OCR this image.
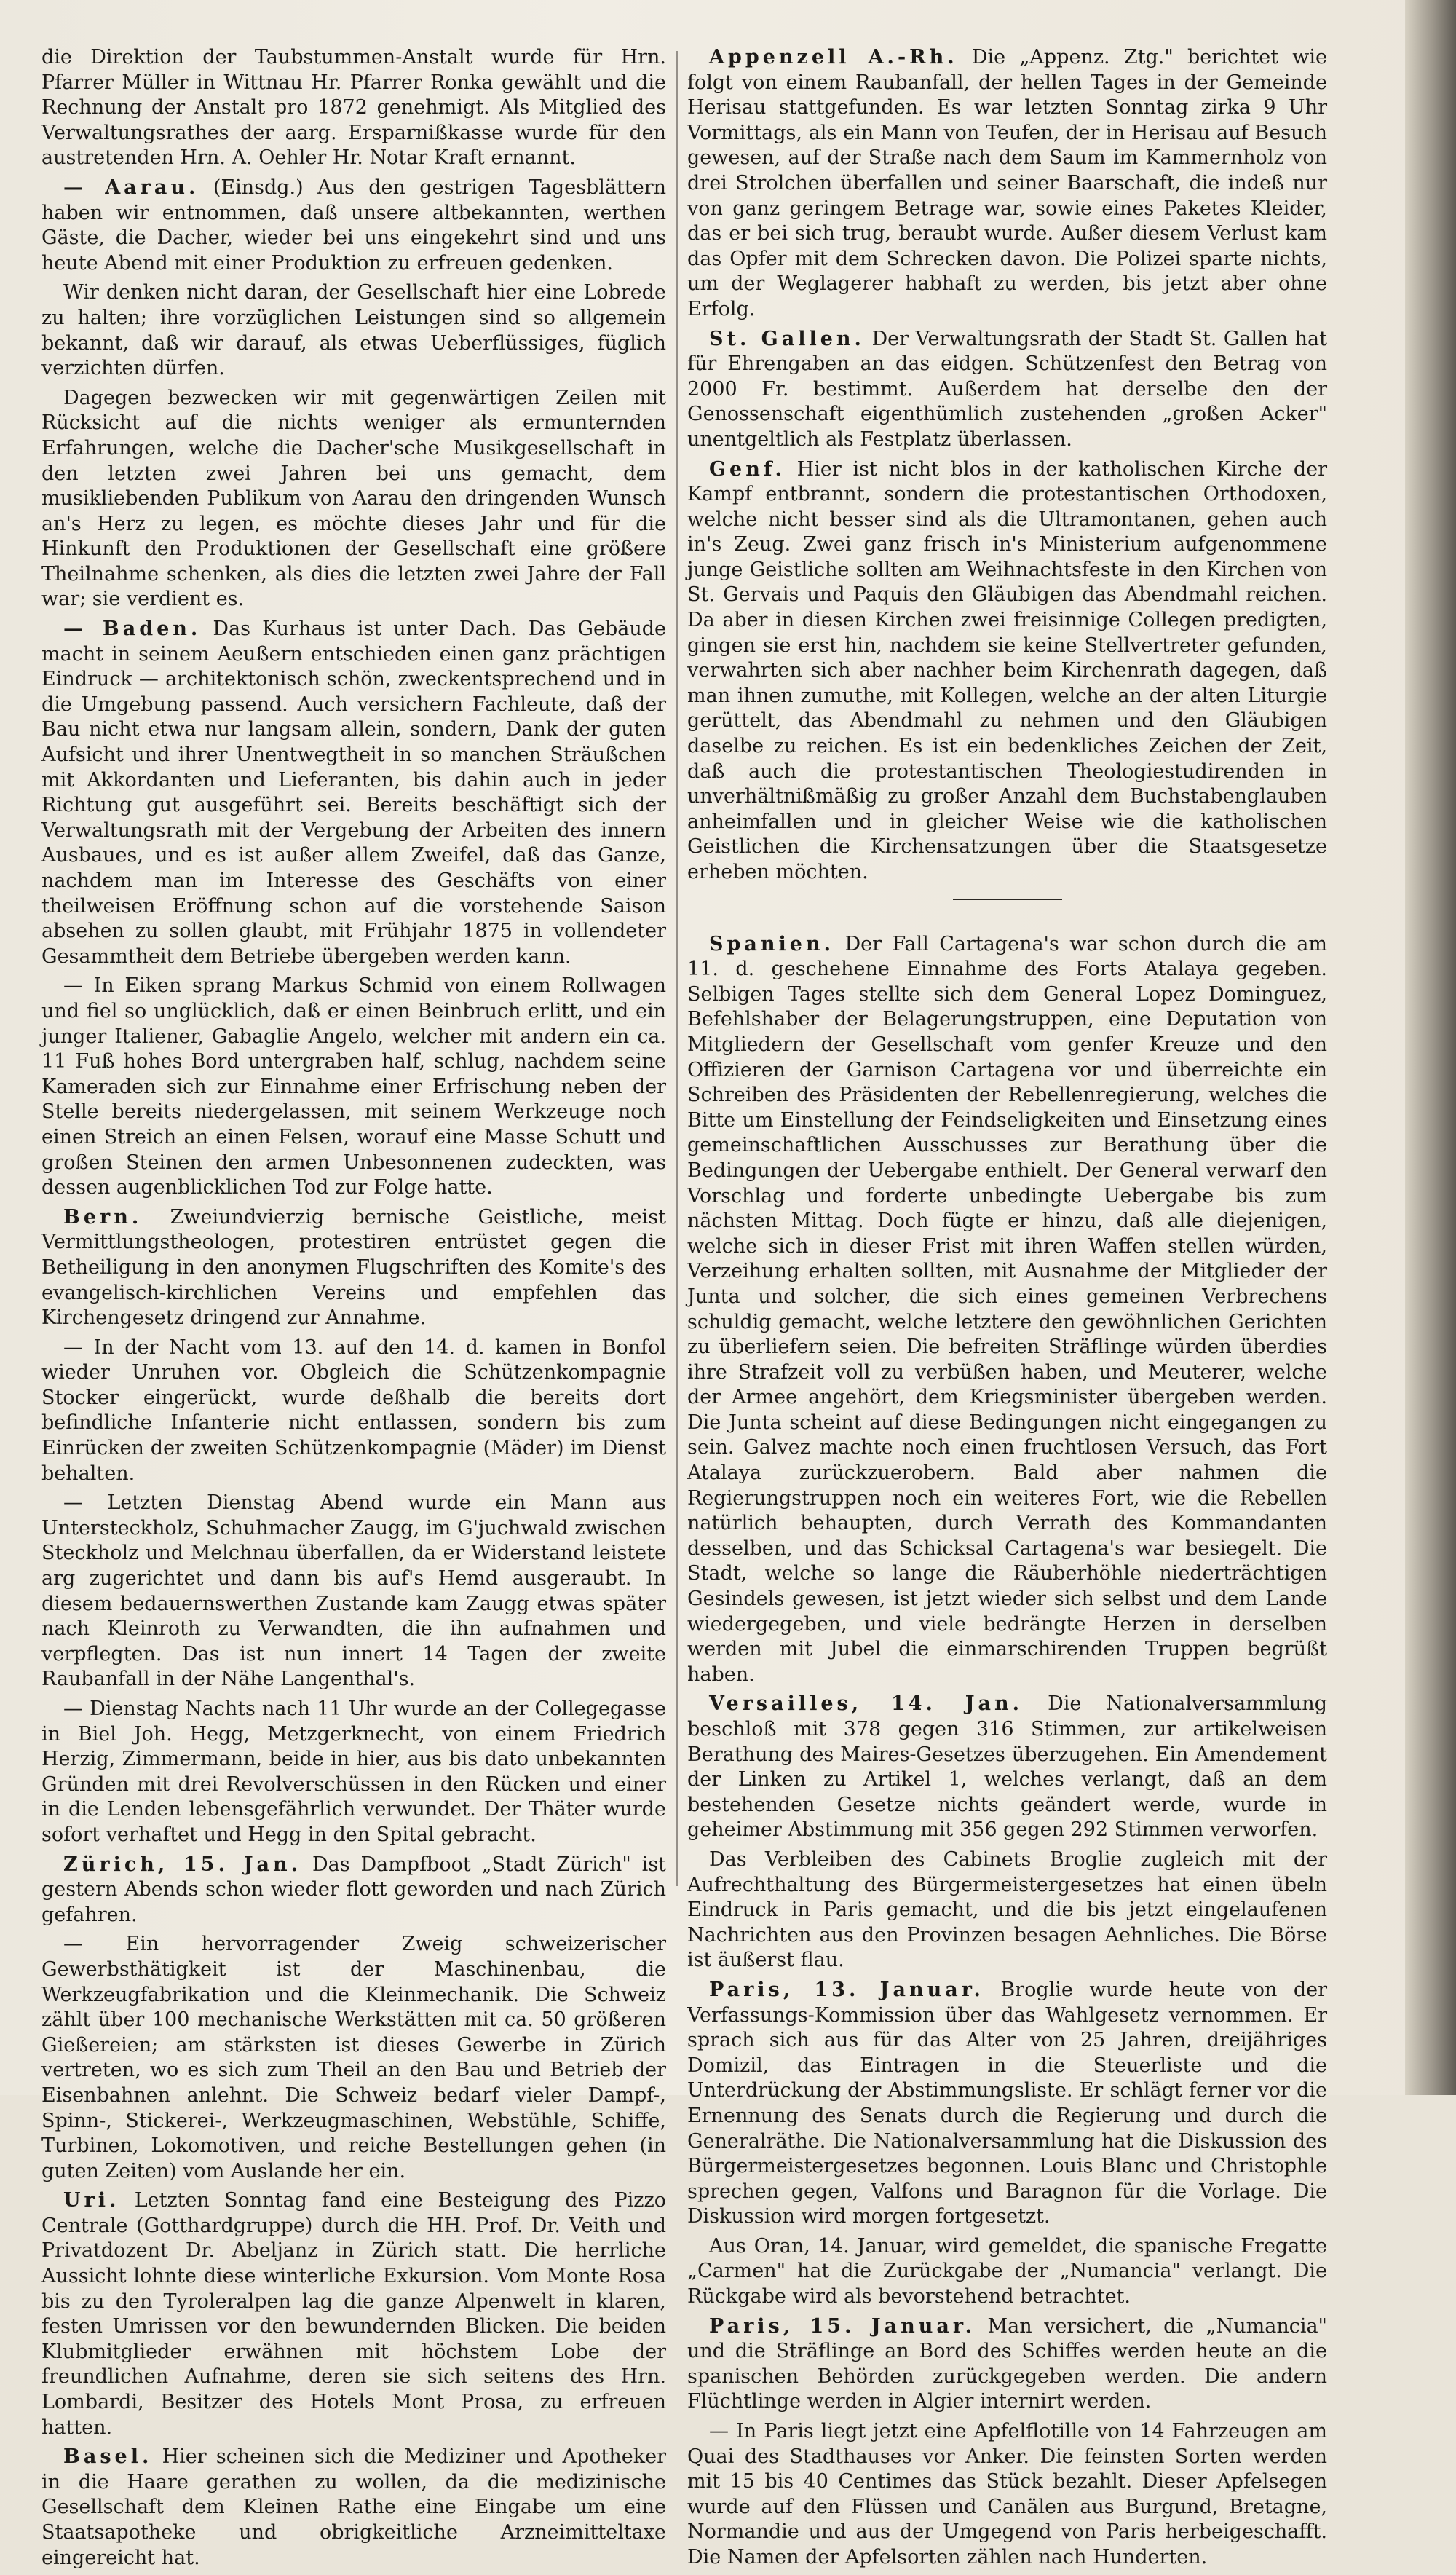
die Direktion der Taubstummen-Anstalt wurde für Hrn. Pfarrer Müller in Wittnau Hr. Pfarrer Ronka gewählt und die Rechnung der Anstalt pro 1872 genehmigt. Als Mitglied des Verwaltungsrathes der aarg. Ersparnißkasse wurde für den austretenden Hrn. A. Oehler Hr. Notar Kraft ernannt.

— Aarau. (Einsdg.) Aus den gestrigen Tagesblättern haben wir entnommen, daß unsere altbekannten, werthen Gäste, die Dacher, wieder bei uns eingekehrt sind und uns heute Abend mit einer Produktion zu erfreuen gedenken.

Wir denken nicht daran, der Gesellschaft hier eine Lobrede zu halten; ihre vorzüglichen Leistungen sind so allgemein bekannt, daß wir darauf, als etwas Ueberflüssiges, füglich verzichten dürfen.

Dagegen bezwecken wir mit gegenwärtigen Zeilen mit Rücksicht auf die nichts weniger als ermunternden Erfahrungen, welche die Dacher'sche Musikgesellschaft in den letzten zwei Jahren bei uns gemacht, dem musikliebenden Publikum von Aarau den dringenden Wunsch an's Herz zu legen, es möchte dieses Jahr und für die Hinkunft den Produktionen der Gesellschaft eine größere Theilnahme schenken, als dies die letzten zwei Jahre der Fall war; sie verdient es.

— Baden. Das Kurhaus ist unter Dach. Das Gebäude macht in seinem Aeußern entschieden einen ganz prächtigen Eindruck — architektonisch schön, zweckentsprechend und in die Umgebung passend. Auch versichern Fachleute, daß der Bau nicht etwa nur langsam allein, sondern, Dank der guten Aufsicht und ihrer Unentwegtheit in so manchen Sträußchen mit Akkordanten und Lieferanten, bis dahin auch in jeder Richtung gut ausgeführt sei. Bereits beschäftigt sich der Verwaltungsrath mit der Vergebung der Arbeiten des innern Ausbaues, und es ist außer allem Zweifel, daß das Ganze, nachdem man im Interesse des Geschäfts von einer theilweisen Eröffnung schon auf die vorstehende Saison absehen zu sollen glaubt, mit Frühjahr 1875 in vollendeter Gesammtheit dem Betriebe übergeben werden kann.

— In Eiken sprang Markus Schmid von einem Rollwagen und fiel so unglücklich, daß er einen Beinbruch erlitt, und ein junger Italiener, Gabaglie Angelo, welcher mit andern ein ca. 11 Fuß hohes Bord untergraben half, schlug, nachdem seine Kameraden sich zur Einnahme einer Erfrischung neben der Stelle bereits niedergelassen, mit seinem Werkzeuge noch einen Streich an einen Felsen, worauf eine Masse Schutt und großen Steinen den armen Unbesonnenen zudeckten, was dessen augenblicklichen Tod zur Folge hatte.

Bern. Zweiundvierzig bernische Geistliche, meist Vermittlungstheologen, protestiren entrüstet gegen die Betheiligung in den anonymen Flugschriften des Komite's des evangelisch-kirchlichen Vereins und empfehlen das Kirchengesetz dringend zur Annahme.

— In der Nacht vom 13. auf den 14. d. kamen in Bonfol wieder Unruhen vor. Obgleich die Schützenkompagnie Stocker eingerückt, wurde deßhalb die bereits dort befindliche Infanterie nicht entlassen, sondern bis zum Einrücken der zweiten Schützenkompagnie (Mäder) im Dienst behalten.

— Letzten Dienstag Abend wurde ein Mann aus Untersteckholz, Schuhmacher Zaugg, im G'juchwald zwischen Steckholz und Melchnau überfallen, da er Widerstand leistete arg zugerichtet und dann bis auf's Hemd ausgeraubt. In diesem bedauernswerthen Zustande kam Zaugg etwas später nach Kleinroth zu Verwandten, die ihn aufnahmen und verpflegten. Das ist nun innert 14 Tagen der zweite Raubanfall in der Nähe Langenthal's.

— Dienstag Nachts nach 11 Uhr wurde an der Collegegasse in Biel Joh. Hegg, Metzgerknecht, von einem Friedrich Herzig, Zimmermann, beide in hier, aus bis dato unbekannten Gründen mit drei Revolverschüssen in den Rücken und einer in die Lenden lebensgefährlich verwundet. Der Thäter wurde sofort verhaftet und Hegg in den Spital gebracht.

Zürich, 15. Jan. Das Dampfboot „Stadt Zürich" ist gestern Abends schon wieder flott geworden und nach Zürich gefahren.

— Ein hervorragender Zweig schweizerischer Gewerbsthätigkeit ist der Maschinenbau, die Werkzeugfabrikation und die Kleinmechanik. Die Schweiz zählt über 100 mechanische Werkstätten mit ca. 50 größeren Gießereien; am stärksten ist dieses Gewerbe in Zürich vertreten, wo es sich zum Theil an den Bau und Betrieb der Eisenbahnen anlehnt. Die Schweiz bedarf vieler Dampf-, Spinn-, Stickerei-, Werkzeugmaschinen, Webstühle, Schiffe, Turbinen, Lokomotiven, und reiche Bestellungen gehen (in guten Zeiten) vom Auslande her ein.

Uri. Letzten Sonntag fand eine Besteigung des Pizzo Centrale (Gotthardgruppe) durch die HH. Prof. Dr. Veith und Privatdozent Dr. Abeljanz in Zürich statt. Die herrliche Aussicht lohnte diese winterliche Exkursion. Vom Monte Rosa bis zu den Tyroleralpen lag die ganze Alpenwelt in klaren, festen Umrissen vor den bewundernden Blicken. Die beiden Klubmitglieder erwähnen mit höchstem Lobe der freundlichen Aufnahme, deren sie sich seitens des Hrn. Lombardi, Besitzer des Hotels Mont Prosa, zu erfreuen hatten.

Basel. Hier scheinen sich die Mediziner und Apotheker in die Haare gerathen zu wollen, da die medizinische Gesellschaft dem Kleinen Rathe eine Eingabe um eine Staatsapotheke und obrigkeitliche Arzneimitteltaxe eingereicht hat.

Appenzell A.-Rh. Die „Appenz. Ztg." berichtet wie folgt von einem Raubanfall, der hellen Tages in der Gemeinde Herisau stattgefunden. Es war letzten Sonntag zirka 9 Uhr Vormittags, als ein Mann von Teufen, der in Herisau auf Besuch gewesen, auf der Straße nach dem Saum im Kammernholz von drei Strolchen überfallen und seiner Baarschaft, die indeß nur von ganz geringem Betrage war, sowie eines Paketes Kleider, das er bei sich trug, beraubt wurde. Außer diesem Verlust kam das Opfer mit dem Schrecken davon. Die Polizei sparte nichts, um der Weglagerer habhaft zu werden, bis jetzt aber ohne Erfolg.

St. Gallen. Der Verwaltungsrath der Stadt St. Gallen hat für Ehrengaben an das eidgen. Schützenfest den Betrag von 2000 Fr. bestimmt. Außerdem hat derselbe den der Genossenschaft eigenthümlich zustehenden „großen Acker" unentgeltlich als Festplatz überlassen.

Genf. Hier ist nicht blos in der katholischen Kirche der Kampf entbrannt, sondern die protestantischen Orthodoxen, welche nicht besser sind als die Ultramontanen, gehen auch in's Zeug. Zwei ganz frisch in's Ministerium aufgenommene junge Geistliche sollten am Weihnachtsfeste in den Kirchen von St. Gervais und Paquis den Gläubigen das Abendmahl reichen. Da aber in diesen Kirchen zwei freisinnige Collegen predigten, gingen sie erst hin, nachdem sie keine Stellvertreter gefunden, verwahrten sich aber nachher beim Kirchenrath dagegen, daß man ihnen zumuthe, mit Kollegen, welche an der alten Liturgie gerüttelt, das Abendmahl zu nehmen und den Gläubigen daselbe zu reichen. Es ist ein bedenkliches Zeichen der Zeit, daß auch die protestantischen Theologiestudirenden in unverhältnißmäßig zu großer Anzahl dem Buchstabenglauben anheimfallen und in gleicher Weise wie die katholischen Geistlichen die Kirchensatzungen über die Staatsgesetze erheben möchten.

Spanien. Der Fall Cartagena's war schon durch die am 11. d. geschehene Einnahme des Forts Atalaya gegeben. Selbigen Tages stellte sich dem General Lopez Dominguez, Befehlshaber der Belagerungstruppen, eine Deputation von Mitgliedern der Gesellschaft vom genfer Kreuze und den Offizieren der Garnison Cartagena vor und überreichte ein Schreiben des Präsidenten der Rebellenregierung, welches die Bitte um Einstellung der Feindseligkeiten und Einsetzung eines gemeinschaftlichen Ausschusses zur Berathung über die Bedingungen der Uebergabe enthielt. Der General verwarf den Vorschlag und forderte unbedingte Uebergabe bis zum nächsten Mittag. Doch fügte er hinzu, daß alle diejenigen, welche sich in dieser Frist mit ihren Waffen stellen würden, Verzeihung erhalten sollten, mit Ausnahme der Mitglieder der Junta und solcher, die sich eines gemeinen Verbrechens schuldig gemacht, welche letztere den gewöhnlichen Gerichten zu überliefern seien. Die befreiten Sträflinge würden überdies ihre Strafzeit voll zu verbüßen haben, und Meuterer, welche der Armee angehört, dem Kriegsminister übergeben werden. Die Junta scheint auf diese Bedingungen nicht eingegangen zu sein. Galvez machte noch einen fruchtlosen Versuch, das Fort Atalaya zurückzuerobern. Bald aber nahmen die Regierungstruppen noch ein weiteres Fort, wie die Rebellen natürlich behaupten, durch Verrath des Kommandanten desselben, und das Schicksal Cartagena's war besiegelt. Die Stadt, welche so lange die Räuberhöhle niederträchtigen Gesindels gewesen, ist jetzt wieder sich selbst und dem Lande wiedergegeben, und viele bedrängte Herzen in derselben werden mit Jubel die einmarschirenden Truppen begrüßt haben.

Versailles, 14. Jan. Die Nationalversammlung beschloß mit 378 gegen 316 Stimmen, zur artikelweisen Berathung des Maires-Gesetzes überzugehen. Ein Amendement der Linken zu Artikel 1, welches verlangt, daß an dem bestehenden Gesetze nichts geändert werde, wurde in geheimer Abstimmung mit 356 gegen 292 Stimmen verworfen.

Das Verbleiben des Cabinets Broglie zugleich mit der Aufrechthaltung des Bürgermeistergesetzes hat einen übeln Eindruck in Paris gemacht, und die bis jetzt eingelaufenen Nachrichten aus den Provinzen besagen Aehnliches. Die Börse ist äußerst flau.

Paris, 13. Januar. Broglie wurde heute von der Verfassungs-Kommission über das Wahlgesetz vernommen. Er sprach sich aus für das Alter von 25 Jahren, dreijähriges Domizil, das Eintragen in die Steuerliste und die Unterdrückung der Abstimmungsliste. Er schlägt ferner vor die Ernennung des Senats durch die Regierung und durch die Generalräthe. Die Nationalversammlung hat die Diskussion des Bürgermeistergesetzes begonnen. Louis Blanc und Christophle sprechen gegen, Valfons und Baragnon für die Vorlage. Die Diskussion wird morgen fortgesetzt.

Aus Oran, 14. Januar, wird gemeldet, die spanische Fregatte „Carmen" hat die Zurückgabe der „Numancia" verlangt. Die Rückgabe wird als bevorstehend betrachtet.

Paris, 15. Januar. Man versichert, die „Numancia" und die Sträflinge an Bord des Schiffes werden heute an die spanischen Behörden zurückgegeben werden. Die andern Flüchtlinge werden in Algier internirt werden.

— In Paris liegt jetzt eine Apfelflotille von 14 Fahrzeugen am Quai des Stadthauses vor Anker. Die feinsten Sorten werden mit 15 bis 40 Centimes das Stück bezahlt. Dieser Apfelsegen wurde auf den Flüssen und Canälen aus Burgund, Bretagne, Normandie und aus der Umgegend von Paris herbeigeschafft. Die Namen der Apfelsorten zählen nach Hunderten.
